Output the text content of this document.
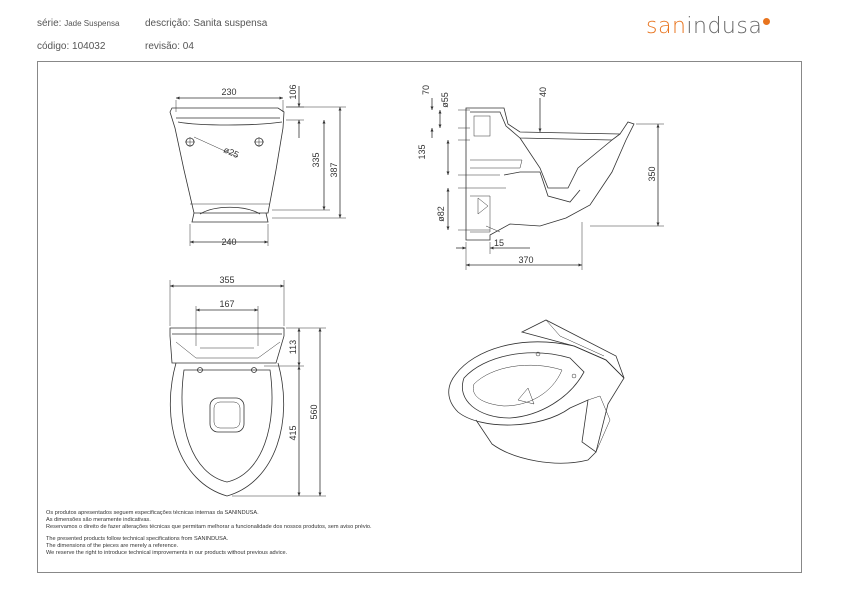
série: Jade Suspensa	descrição: Sanita suspensa
código: 104032	revisão: 04
sanindusa
230	106
ø25
335
387
240
70
ø55
40
135
ø82
350
15
370
355
167
113
415
560
Os produtos apresentados seguem especificações técnicas internas da SANINDUSA.
As dimensões são meramente indicativas.
Reservamos o direito de fazer alterações técnicas que permitam melhorar a funcionalidade dos nossos produtos, sem aviso prévio.
The presented products follow technical specifications from SANINDUSA.
The dimensions of the pieces are merely a reference.
We reserve the right to introduce technical improvements in our products without previous advice.
